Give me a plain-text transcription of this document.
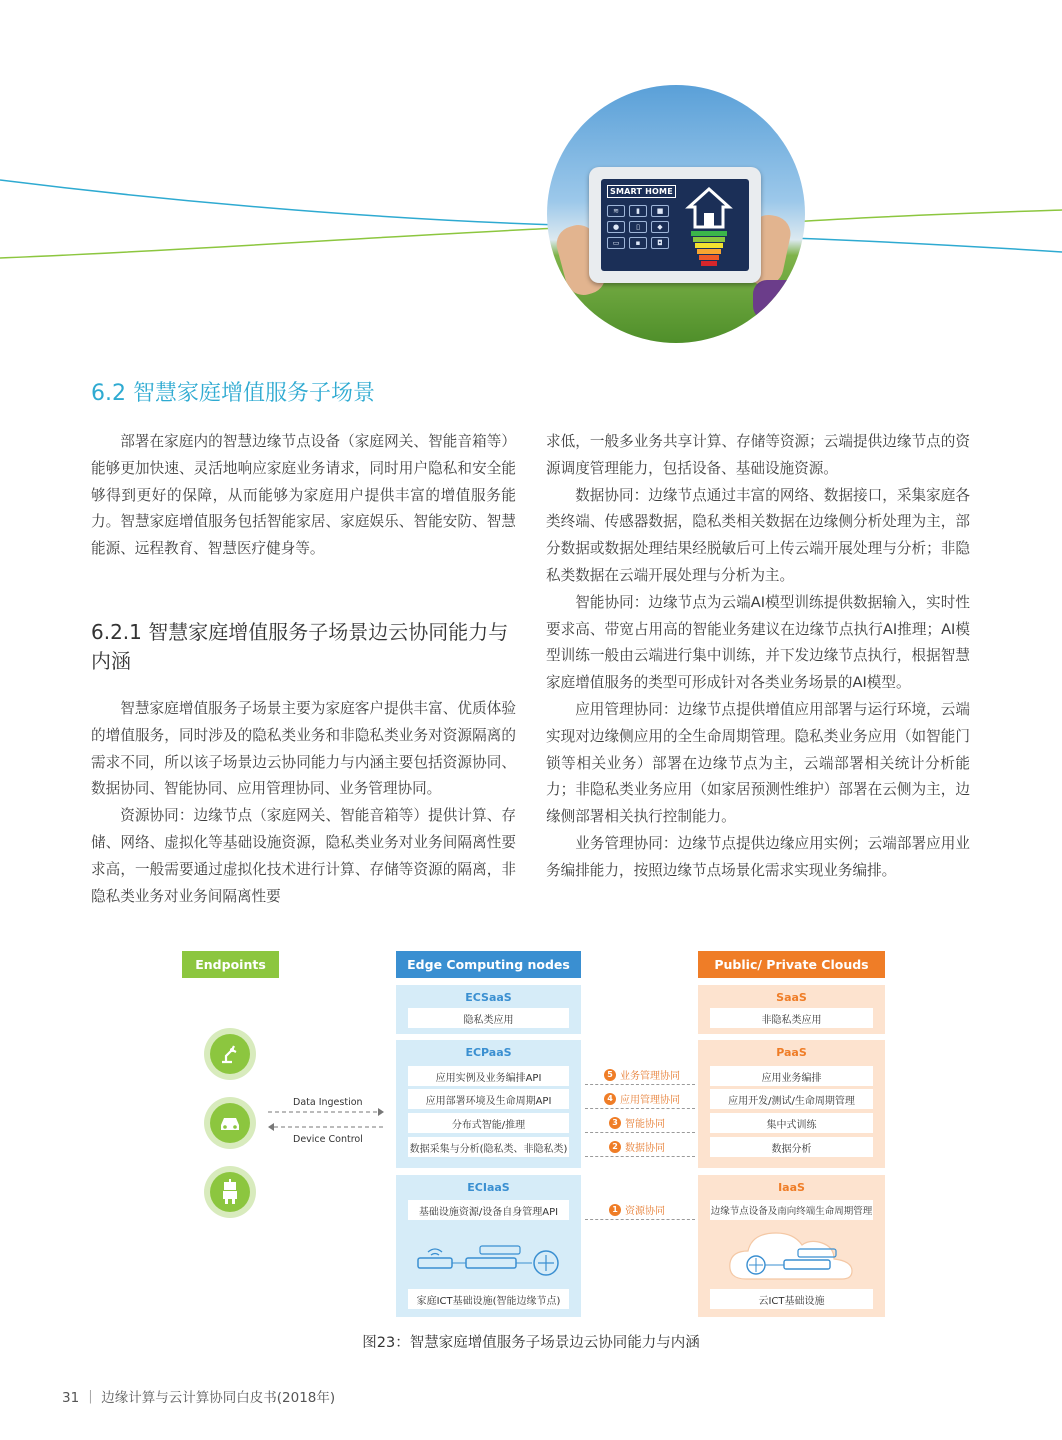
SMART HOME
≋	▮	■
●	▯	◆
▭	▪	◘
6.2 智慧家庭增值服务子场景
部署在家庭内的智慧边缘节点设备（家庭网关、智能音箱等）能够更加快速、灵活地响应家庭业务请求，同时用户隐私和安全能够得到更好的保障，从而能够为家庭用户提供丰富的增值服务能力。智慧家庭增值服务包括智能家居、家庭娱乐、智能安防、智慧能源、远程教育、智慧医疗健身等。
6.2.1 智慧家庭增值服务子场景边云协同能力与内涵

智慧家庭增值服务子场景主要为家庭客户提供丰富、优质体验的增值服务，同时涉及的隐私类业务和非隐私类业务对资源隔离的需求不同，所以该子场景边云协同能力与内涵主要包括资源协同、数据协同、智能协同、应用管理协同、业务管理协同。

资源协同：边缘节点（家庭网关、智能音箱等）提供计算、存储、网络、虚拟化等基础设施资源，隐私类业务对业务间隔离性要求高，一般需要通过虚拟化技术进行计算、存储等资源的隔离，非隐私类业务对业务间隔离性要

求低，一般多业务共享计算、存储等资源；云端提供边缘节点的资源调度管理能力，包括设备、基础设施资源。

数据协同：边缘节点通过丰富的网络、数据接口，采集家庭各类终端、传感器数据，隐私类相关数据在边缘侧分析处理为主，部分数据或数据处理结果经脱敏后可上传云端开展处理与分析；非隐私类数据在云端开展处理与分析为主。

智能协同：边缘节点为云端AI模型训练提供数据输入，实时性要求高、带宽占用高的智能业务建议在边缘节点执行AI推理；AI模型训练一般由云端进行集中训练，并下发边缘节点执行，根据智慧家庭增值服务的类型可形成针对各类业务场景的AI模型。

应用管理协同：边缘节点提供增值应用部署与运行环境，云端实现对边缘侧应用的全生命周期管理。隐私类业务应用（如智能门锁等相关业务）部署在边缘节点为主，云端部署相关统计分析能力；非隐私类业务应用（如家居预测性维护）部署在云侧为主，边缘侧部署相关执行控制能力。

业务管理协同：边缘节点提供边缘应用实例；云端部署应用业务编排能力，按照边缘节点场景化需求实现业务编排。

Endpoints	Edge Computing nodes	Public/ Private Clouds
Data Ingestion
Device Control
ECSaaS
隐私类应用
ECPaaS
应用实例及业务编排API
应用部署环境及生命周期API
分布式智能/推理
数据采集与分析(隐私类、非隐私类)
ECIaaS
基础设施资源/设备自身管理API
家庭ICT基础设施(智能边缘节点)
SaaS
非隐私类应用
PaaS
应用业务编排
应用开发/测试/生命周期管理
集中式训练
数据分析
IaaS
边缘节点设备及南向终端生命周期管理
云ICT基础设施
5 业务管理协同
4 应用管理协同
3 智能协同
2 数据协同
1 资源协同
图23：智慧家庭增值服务子场景边云协同能力与内涵
31 ｜ 边缘计算与云计算协同白皮书(2018年)
